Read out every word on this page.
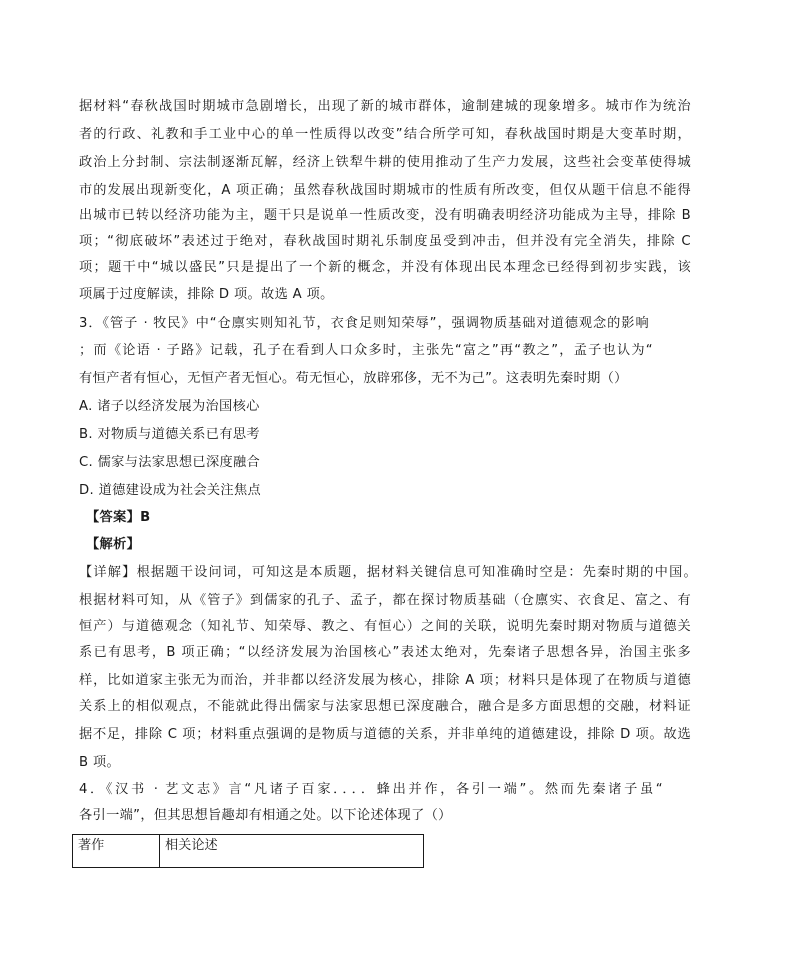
据材料“春秋战国时期城市急剧增长，出现了新的城市群体，逾制建城的现象增多。城市作为统治
者的行政、礼教和手工业中心的单一性质得以改变”结合所学可知，春秋战国时期是大变革时期，
政治上分封制、宗法制逐渐瓦解，经济上铁犁牛耕的使用推动了生产力发展，这些社会变革使得城
市的发展出现新变化，A 项正确；虽然春秋战国时期城市的性质有所改变，但仅从题干信息不能得
出城市已转以经济功能为主，题干只是说单一性质改变，没有明确表明经济功能成为主导，排除 B
项；“彻底破坏”表述过于绝对，春秋战国时期礼乐制度虽受到冲击，但并没有完全消失，排除 C
项；题干中“城以盛民”只是提出了一个新的概念，并没有体现出民本理念已经得到初步实践，该
项属于过度解读，排除 D 项。故选 A 项。
3．《管子 · 牧民》中“仓廪实则知礼节，衣食足则知荣辱”，强调物质基础对道德观念的影响
；而《论语 · 子路》记载，孔子在看到人口众多时，主张先“富之”再“教之”，孟子也认为“
有恒产者有恒心，无恒产者无恒心。苟无恒心，放辟邪侈，无不为己”。这表明先秦时期（）
A. 诸子以经济发展为治国核心
B. 对物质与道德关系已有思考
C. 儒家与法家思想已深度融合
D. 道德建设成为社会关注焦点
【答案】B
【解析】
【详解】根据题干设问词，可知这是本质题，据材料关键信息可知准确时空是：先秦时期的中国。
根据材料可知，从《管子》到儒家的孔子、孟子，都在探讨物质基础（仓廪实、衣食足、富之、有
恒产）与道德观念（知礼节、知荣辱、教之、有恒心）之间的关联，说明先秦时期对物质与道德关
系已有思考，B 项正确；“以经济发展为治国核心”表述太绝对，先秦诸子思想各异，治国主张多
样，比如道家主张无为而治，并非都以经济发展为核心，排除 A 项；材料只是体现了在物质与道德
关系上的相似观点，不能就此得出儒家与法家思想已深度融合，融合是多方面思想的交融，材料证
据不足，排除 C 项；材料重点强调的是物质与道德的关系，并非单纯的道德建设，排除 D 项。故选
B 项。
4．《汉书 · 艺文志》言“凡诸子百家．．．．蜂出并作，各引一端”。然而先秦诸子虽“
各引一端”，但其思想旨趣却有相通之处。以下论述体现了（）
著作	相关论述
